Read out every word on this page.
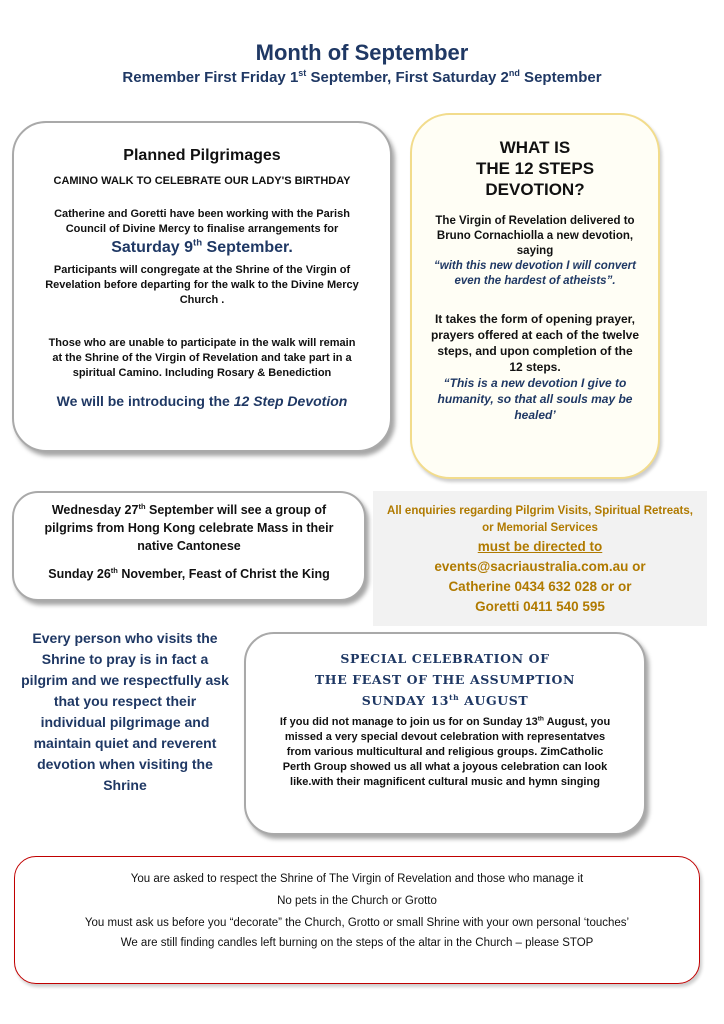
Month of September
Remember First Friday 1st September, First Saturday 2nd September
Planned Pilgrimages
CAMINO WALK TO CELEBRATE OUR LADY'S BIRTHDAY

Catherine and Goretti have been working with the Parish Council of Divine Mercy to finalise arrangements for

Saturday 9th September.

Participants will congregate at the Shrine of the Virgin of Revelation before departing for the walk to the Divine Mercy Church .

Those who are unable to participate in the walk will remain at the Shrine of the Virgin of Revelation and take part in a spiritual Camino. Including Rosary & Benediction

We will be introducing the 12 Step Devotion
WHAT IS
THE 12 STEPS
DEVOTION?

The Virgin of Revelation delivered to Bruno Cornachiolla a new devotion, saying

“with this new devotion I will convert even the hardest of atheists”.

It takes the form of opening prayer, prayers offered at each of the twelve steps, and upon completion of the 12 steps.

“This is a new devotion I give to humanity, so that all souls may be healed’

Wednesday 27th September will see a group of pilgrims from Hong Kong celebrate Mass in their native Cantonese

Sunday 26th November, Feast of Christ the King

All enquiries regarding Pilgrim Visits, Spiritual Retreats, or Memorial Services
must be directed to
events@sacriaustralia.com.au or
Catherine 0434 632 028 or or
Goretti 0411 540 595
Every person who visits the Shrine to pray is in fact a pilgrim and we respectfully ask that you respect their individual pilgrimage and maintain quiet and reverent devotion when visiting the Shrine
SPECIAL CELEBRATION OF
THE FEAST OF THE ASSUMPTION
SUNDAY 13th AUGUST

If you did not manage to join us for on Sunday 13th August, you missed a very special devout celebration with representatves from various multicultural and religious groups. ZimCatholic Perth Group showed us all what a joyous celebration can look like.with their magnificent cultural music and hymn singing

You are asked to respect the Shrine of The Virgin of Revelation and those who manage it

No pets in the Church or Grotto

You must ask us before you “decorate” the Church, Grotto or small Shrine with your own personal ‘touches’

We are still finding candles left burning on the steps of the altar in the Church – please STOP
